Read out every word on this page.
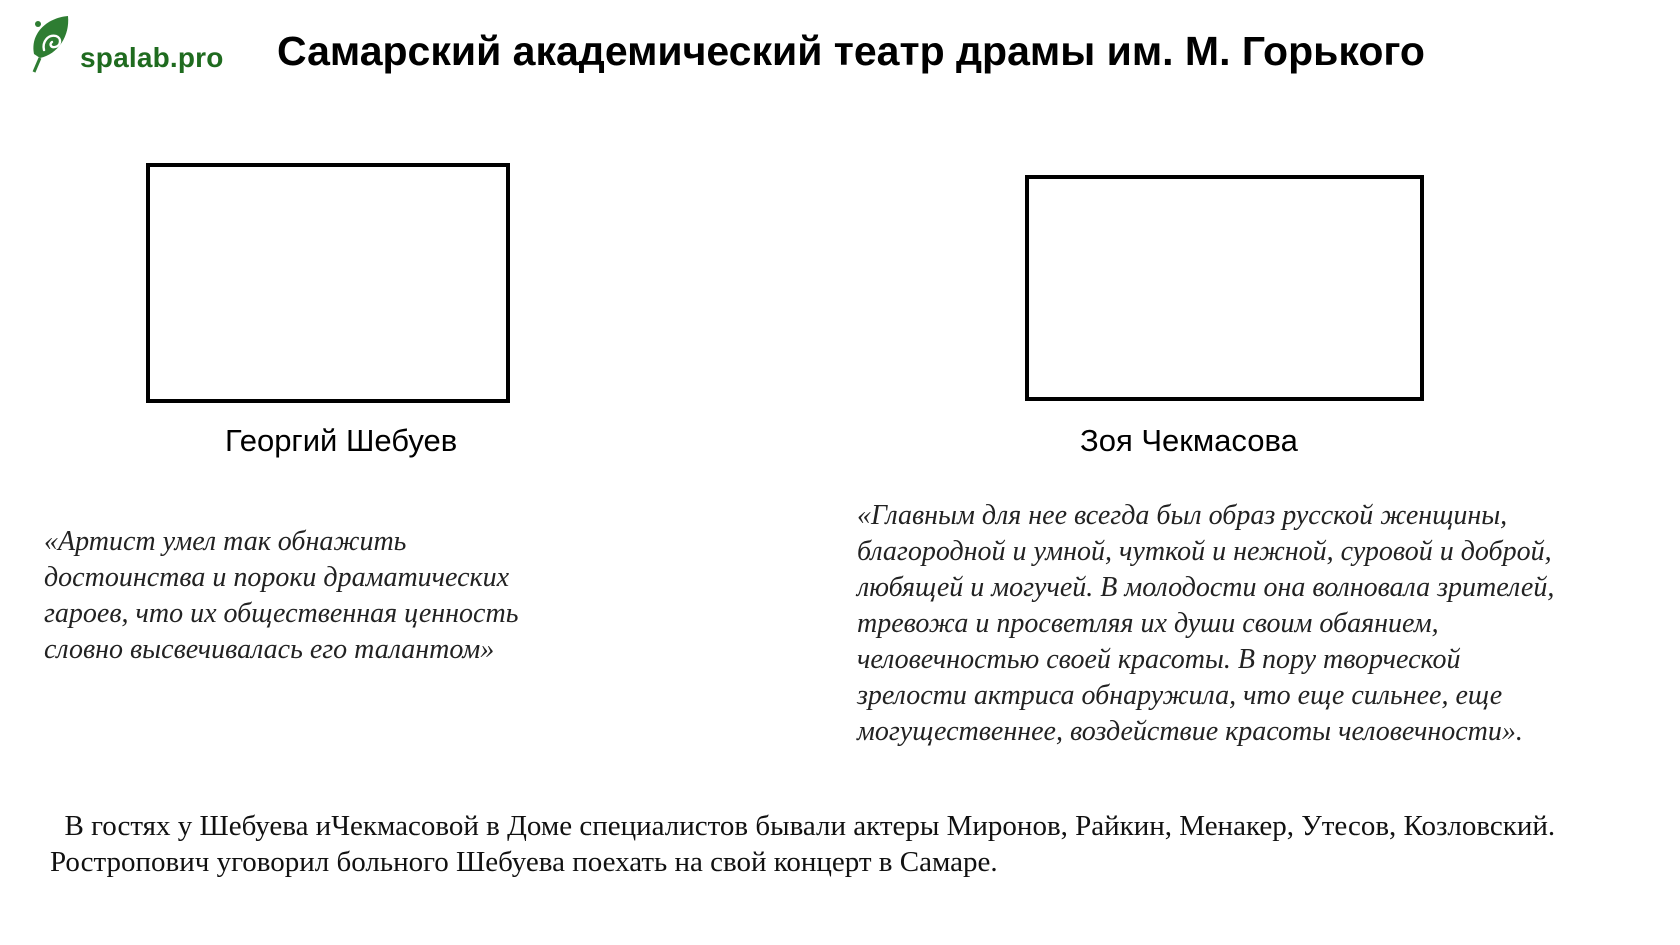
spalab.pro Самарский академический театр драмы им. М. Горького
Георгий Шебуев	Зоя Чекмасова
«Артист умел так обнажить
достоинства и пороки драматических
гароев, что их общественная ценность
словно высвечивалась его талантом»
«Главным для нее всегда был образ русской женщины,
благородной и умной, чуткой и нежной, суровой и доброй,
любящей и могучей. В молодости она волновала зрителей,
тревожа и просветляя их души своим обаянием,
человечностью своей красоты. В пору творческой
зрелости актриса обнаружила, что еще сильнее, еще
могущественнее, воздействие красоты человечности».
В гостях у Шебуева иЧекмасовой в Доме специалистов бывали актеры Миронов, Райкин, Менакер, Утесов, Козловский.
Ростропович уговорил больного Шебуева поехать на свой концерт в Самаре.
